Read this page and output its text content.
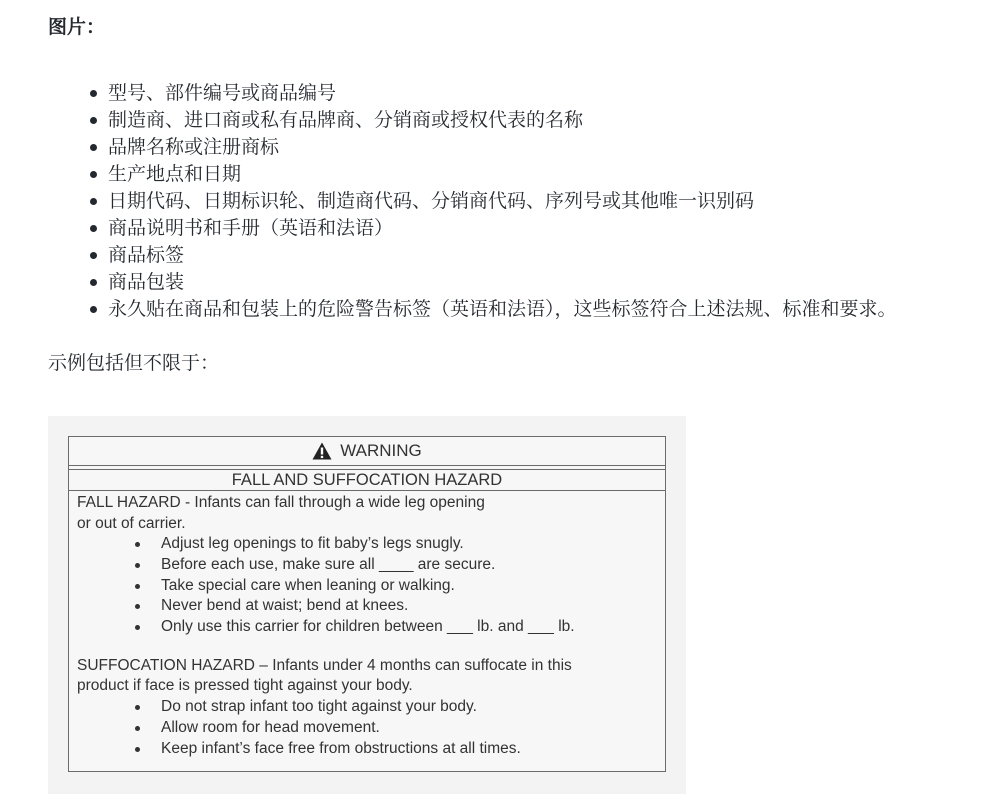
图片：
型号、部件编号或商品编号
制造商、进口商或私有品牌商、分销商或授权代表的名称
品牌名称或注册商标
生产地点和日期
日期代码、日期标识轮、制造商代码、分销商代码、序列号或其他唯一识别码
商品说明书和手册（英语和法语）
商品标签
商品包装
永久贴在商品和包装上的危险警告标签（英语和法语），这些标签符合上述法规、标准和要求。

示例包括但不限于：

WARNING
FALL AND SUFFOCATION HAZARD

FALL HAZARD - Infants can fall through a wide leg opening

or out of carrier.

Adjust leg openings to fit baby’s legs snugly.
Before each use, make sure all ____ are secure.
Take special care when leaning or walking.
Never bend at waist; bend at knees.
Only use this carrier for children between ___ lb. and ___ lb.

SUFFOCATION HAZARD – Infants under 4 months can suffocate in this

product if face is pressed tight against your body.

Do not strap infant too tight against your body.
Allow room for head movement.
Keep infant’s face free from obstructions at all times.
